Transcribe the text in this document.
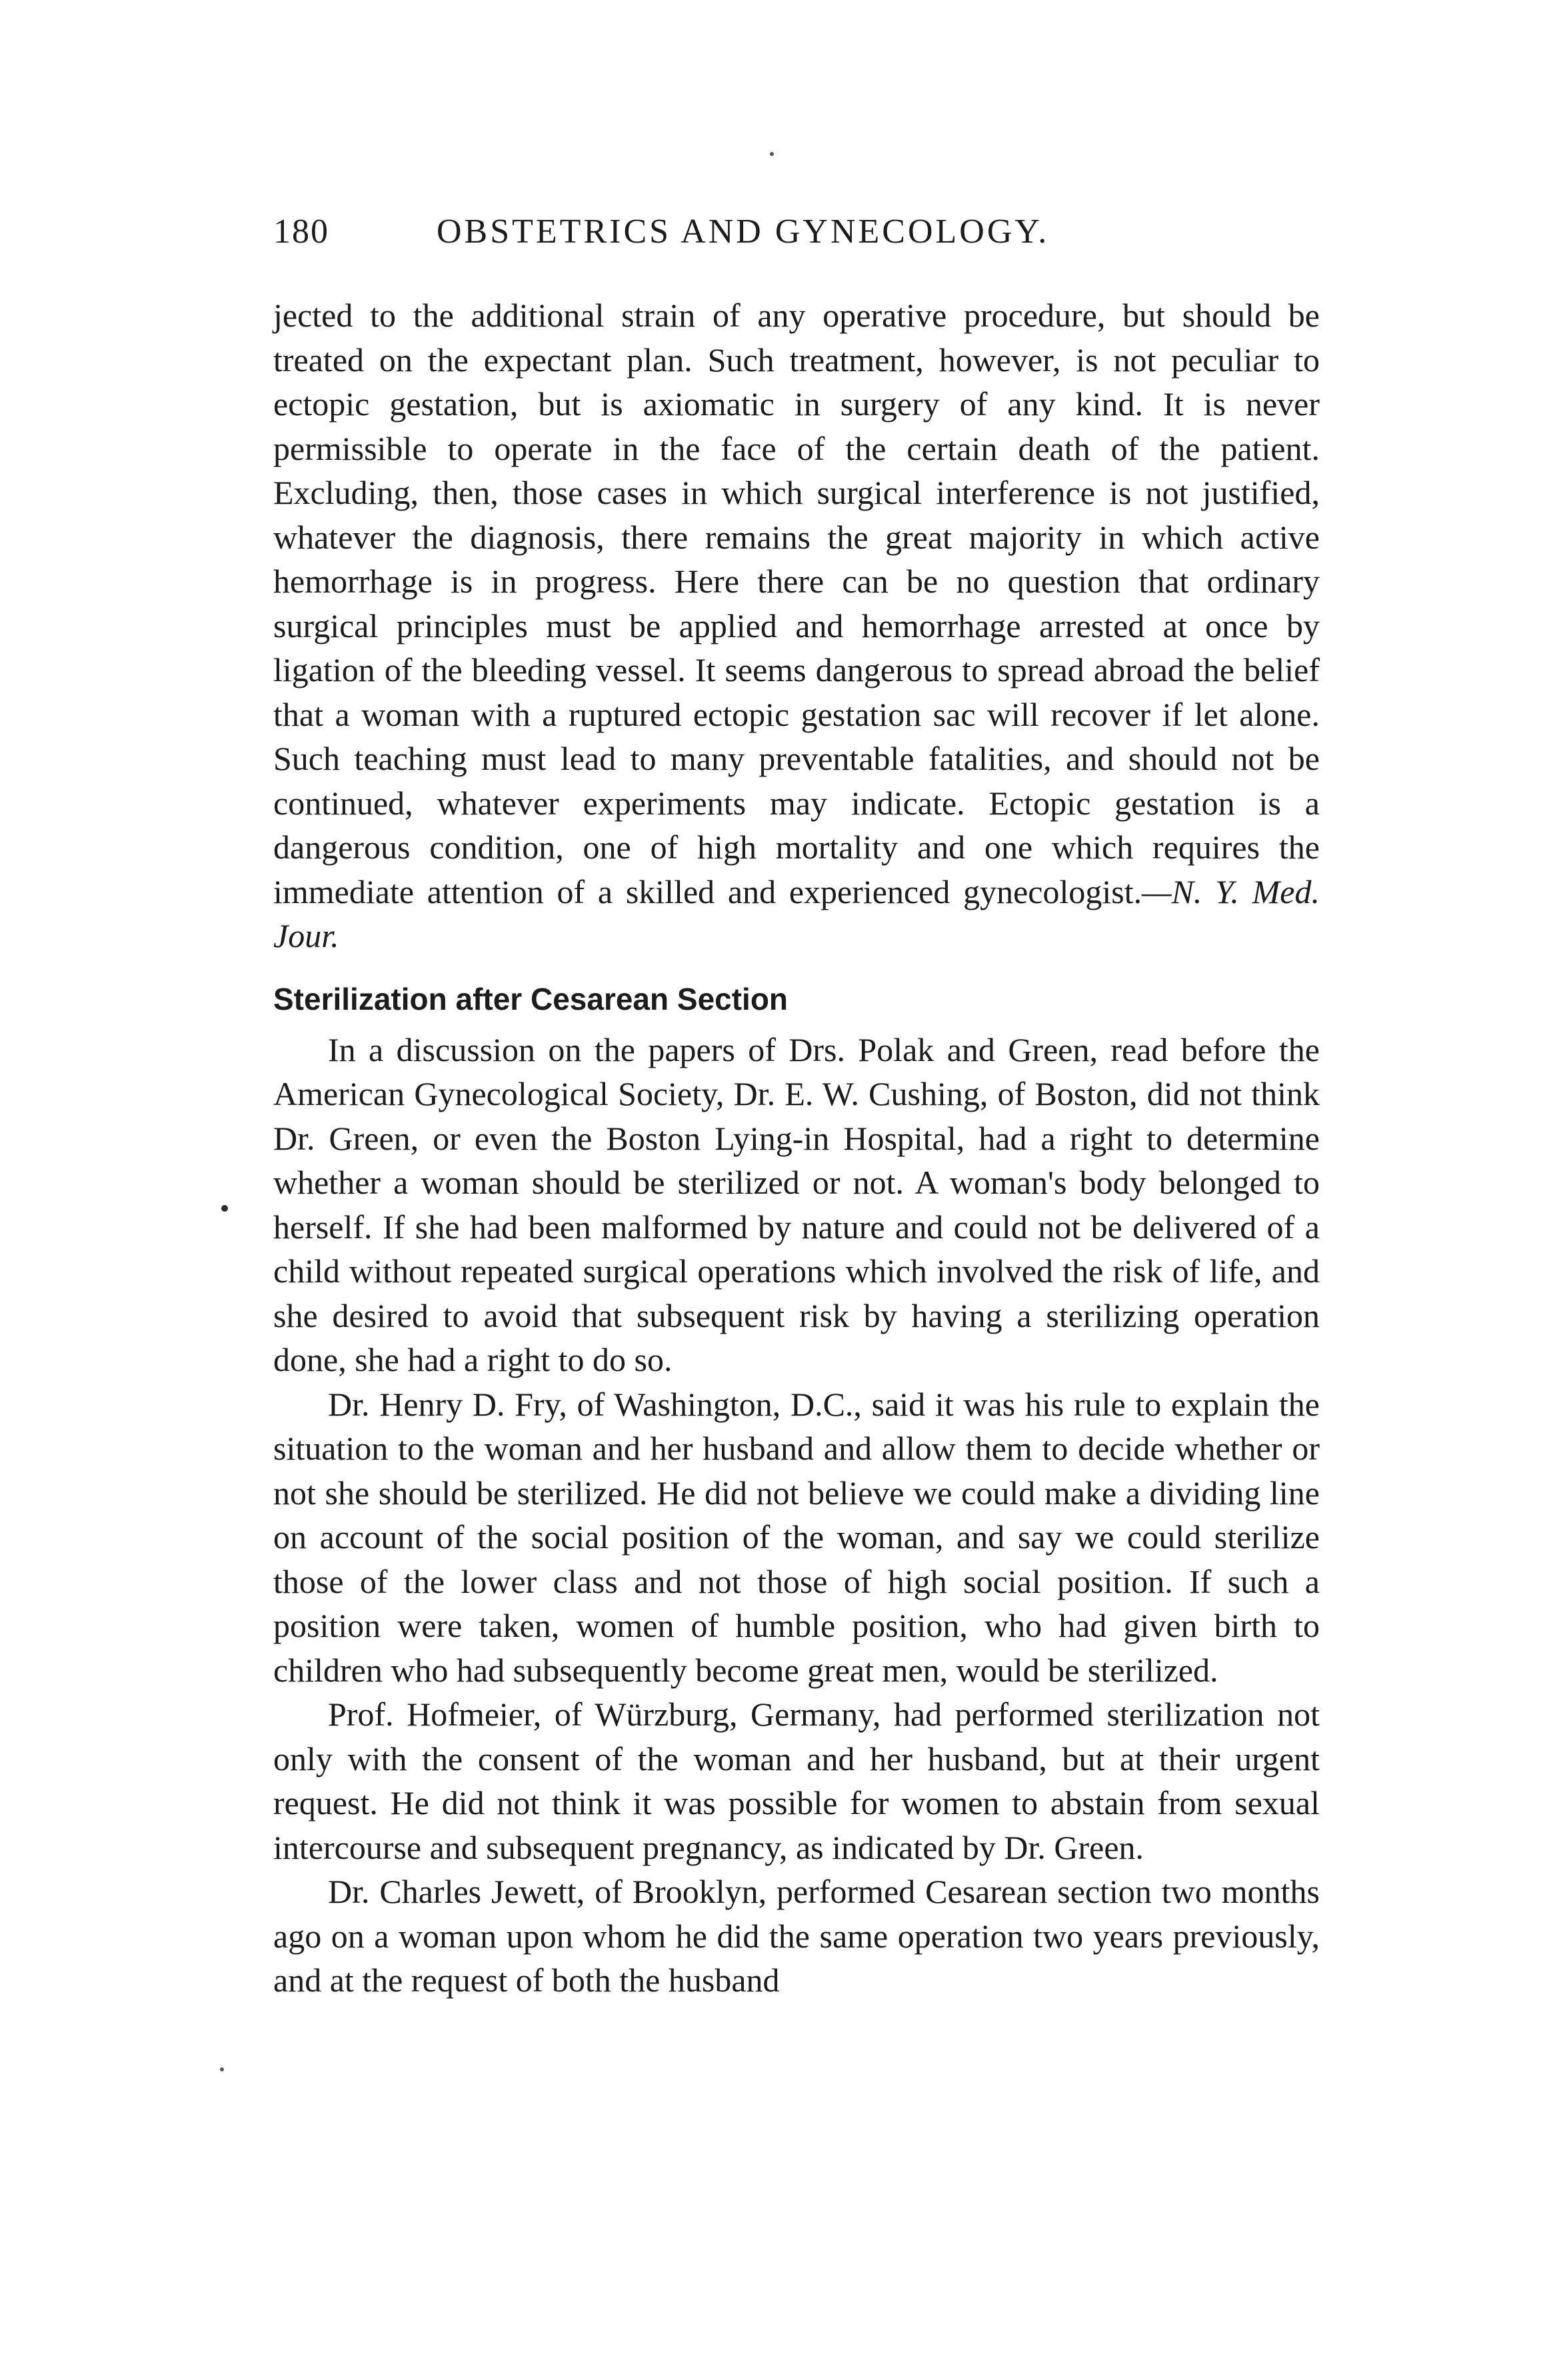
180	OBSTETRICS AND GYNECOLOGY.

jected to the additional strain of any operative procedure, but should be treated on the expectant plan. Such treatment, however, is not peculiar to ectopic gestation, but is axiomatic in surgery of any kind. It is never permissible to operate in the face of the certain death of the patient. Excluding, then, those cases in which surgical interference is not justified, whatever the diagnosis, there remains the great majority in which active hemorrhage is in progress. Here there can be no question that ordinary surgical principles must be applied and hemorrhage arrested at once by ligation of the bleeding vessel. It seems dangerous to spread abroad the belief that a woman with a ruptured ectopic gestation sac will recover if let alone. Such teaching must lead to many preventable fatalities, and should not be continued, whatever experiments may indicate. Ectopic gestation is a dangerous condition, one of high mortality and one which requires the immediate attention of a skilled and experienced gynecologist.—N. Y. Med. Jour.

Sterilization after Cesarean Section

In a discussion on the papers of Drs. Polak and Green, read before the American Gynecological Society, Dr. E. W. Cushing, of Boston, did not think Dr. Green, or even the Boston Lying-in Hospital, had a right to determine whether a woman should be sterilized or not. A woman's body belonged to herself. If she had been malformed by nature and could not be delivered of a child without repeated surgical operations which involved the risk of life, and she desired to avoid that subsequent risk by having a sterilizing operation done, she had a right to do so.

Dr. Henry D. Fry, of Washington, D.C., said it was his rule to explain the situation to the woman and her husband and allow them to decide whether or not she should be sterilized. He did not believe we could make a dividing line on account of the social position of the woman, and say we could sterilize those of the lower class and not those of high social position. If such a position were taken, women of humble position, who had given birth to children who had subsequently become great men, would be sterilized.

Prof. Hofmeier, of Würzburg, Germany, had performed sterilization not only with the consent of the woman and her husband, but at their urgent request. He did not think it was possible for women to abstain from sexual intercourse and subsequent pregnancy, as indicated by Dr. Green.

Dr. Charles Jewett, of Brooklyn, performed Cesarean section two months ago on a woman upon whom he did the same operation two years previously, and at the request of both the husband
